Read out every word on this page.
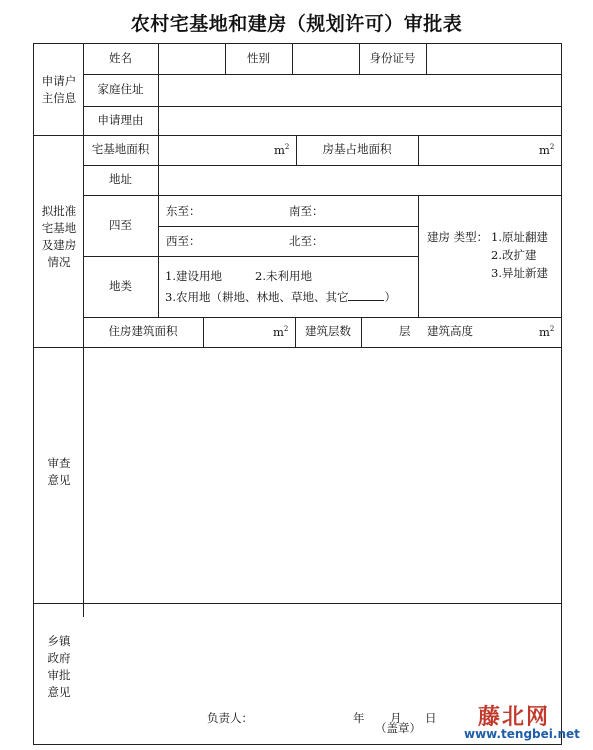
农村宅基地和建房（规划许可）审批表
姓名	性别	身份证号
家庭住址
申请理由
申请户主信息
宅基地面积	$m^2$	房基占地面积	$m^2$
地址
四至
东至：	南至：
西至：	北至：	建房 类型： 1.原址翻建
2.改扩建
3.异址新建
地类
1.建设用地	2.未利用地
3.农用地（耕地、林地、草地、其它	）
住房建筑面积	$m^2$	建筑层数	层 建筑高度	$m^2$
拟批准宅基地及建房情况
审查意见
乡镇政府审批意见
（盖章）
负责人：	年 月 日 藤北网
www.tengbei.net
